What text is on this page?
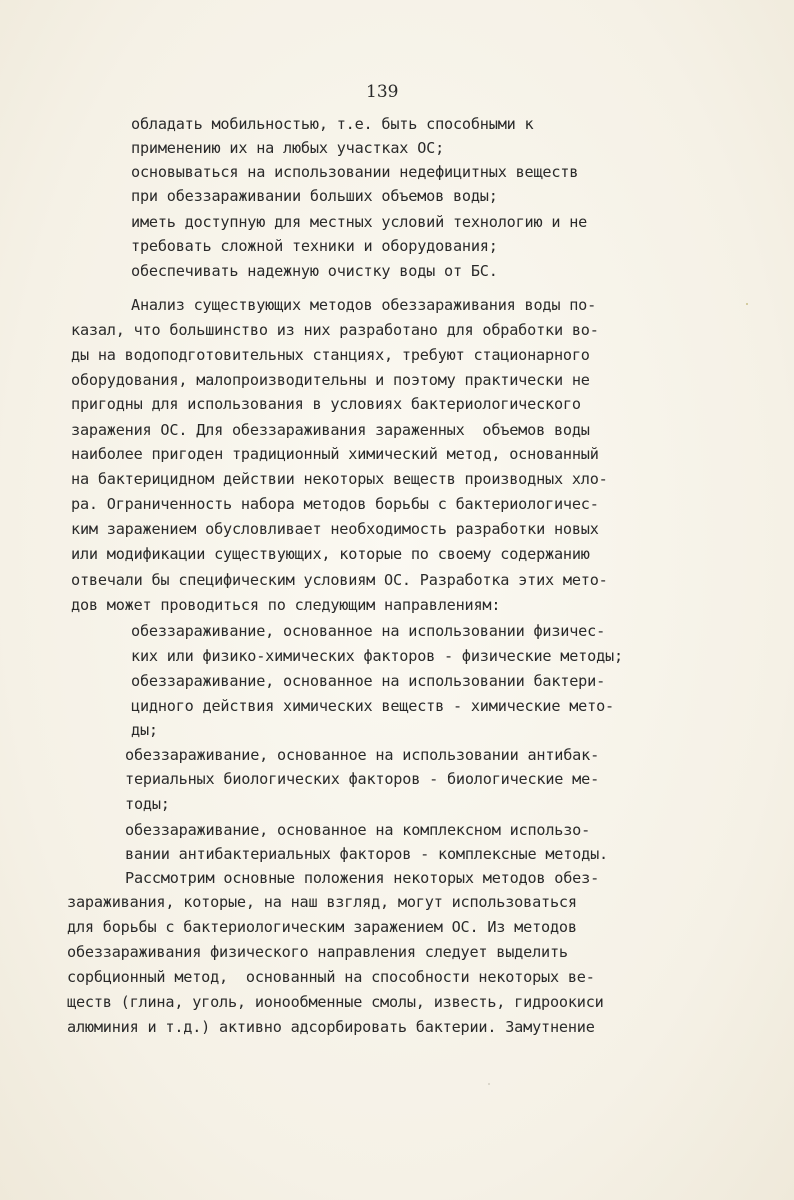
139
обладать мобильностью, т.е. быть способными к
применению их на любых участках ОС;
основываться на использовании недефицитных веществ
при обеззараживании больших объемов воды;
иметь доступную для местных условий технологию и не
требовать сложной техники и оборудования;
обеспечивать надежную очистку воды от БС.
Анализ существующих методов обеззараживания воды по-
казал, что большинство из них разработано для обработки во-
ды на водоподготовительных станциях, требуют стационарного
оборудования, малопроизводительны и поэтому практически не
пригодны для использования в условиях бактериологического
заражения ОС. Для обеззараживания зараженных  объемов воды
наиболее пригоден традиционный химический метод, основанный
на бактерицидном действии некоторых веществ производных хло-
ра. Ограниченность набора методов борьбы с бактериологичес-
ким заражением обусловливает необходимость разработки новых
или модификации существующих, которые по своему содержанию
отвечали бы специфическим условиям ОС. Разработка этих мето-
дов может проводиться по следующим направлениям:
обеззараживание, основанное на использовании физичес-
ких или физико-химических факторов - физические методы;
обеззараживание, основанное на использовании бактери-
цидного действия химических веществ - химические мето-
ды;
обеззараживание, основанное на использовании антибак-
териальных биологических факторов - биологические ме-
тоды;
обеззараживание, основанное на комплексном использо-
вании антибактериальных факторов - комплексные методы.
Рассмотрим основные положения некоторых методов обез-
зараживания, которые, на наш взгляд, могут использоваться
для борьбы с бактериологическим заражением ОС. Из методов
обеззараживания физического направления следует выделить
сорбционный метод,  основанный на способности некоторых ве-
ществ (глина, уголь, ионообменные смолы, известь, гидроокиси
алюминия и т.д.) активно адсорбировать бактерии. Замутнение
